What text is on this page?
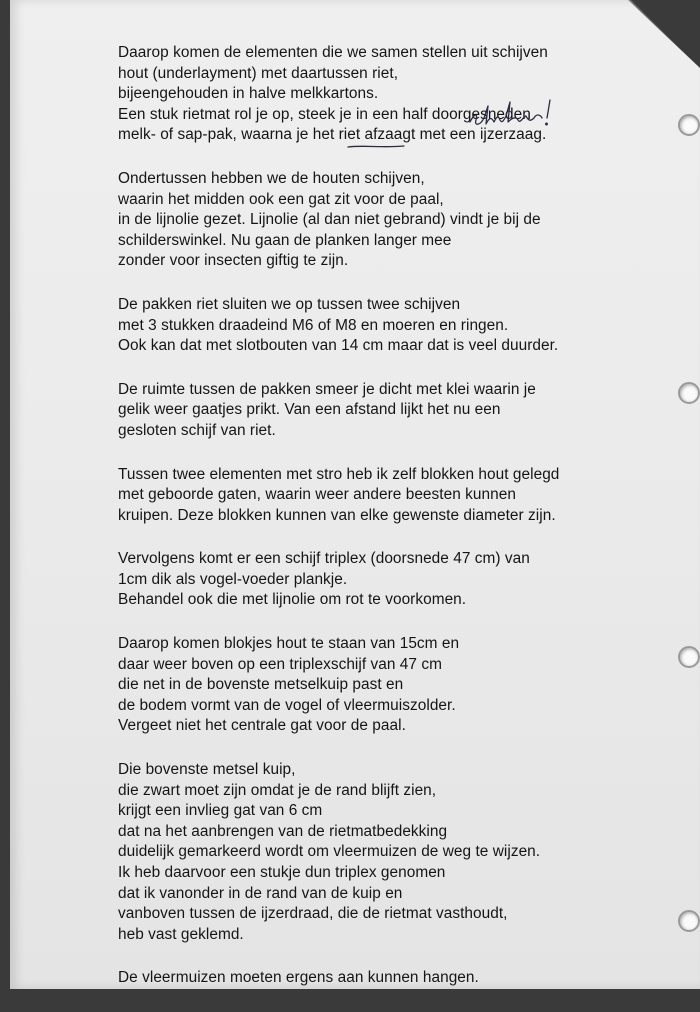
Daarop komen de elementen die we samen stellen uit schijven
hout (underlayment) met daartussen riet,
bijeengehouden in halve melkkartons.
Een stuk rietmat rol je op, steek je in een half doorgesneden
melk- of sap-pak, waarna je het riet afzaagt met een ijzerzaag.
Ondertussen hebben we de houten schijven,
waarin het midden ook een gat zit voor de paal,
in de lijnolie gezet. Lijnolie (al dan niet gebrand) vindt je bij de
schilderswinkel. Nu gaan de planken langer mee
zonder voor insecten giftig te zijn.
De pakken riet sluiten we op tussen twee schijven
met 3 stukken draadeind M6 of M8 en moeren en ringen.
Ook kan dat met slotbouten van 14 cm maar dat is veel duurder.
De ruimte tussen de pakken smeer je dicht met klei waarin je
gelik weer gaatjes prikt. Van een afstand lijkt het nu een
gesloten schijf van riet.
Tussen twee elementen met stro heb ik zelf blokken hout gelegd
met geboorde gaten, waarin weer andere beesten kunnen
kruipen. Deze blokken kunnen van elke gewenste diameter zijn.
Vervolgens komt er een schijf triplex (doorsnede 47 cm) van
1cm dik als vogel-voeder plankje.
Behandel ook die met lijnolie om rot te voorkomen.
Daarop komen blokjes hout te staan van 15cm en
daar weer boven op een triplexschijf van 47 cm
die net in de bovenste metselkuip past en
de bodem vormt van de vogel of vleermuiszolder.
Vergeet niet het centrale gat voor de paal.
Die bovenste metsel kuip,
die zwart moet zijn omdat je de rand blijft zien,
krijgt een invlieg gat van 6 cm
dat na het aanbrengen van de rietmatbedekking
duidelijk gemarkeerd wordt om vleermuizen de weg te wijzen.
Ik heb daarvoor een stukje dun triplex genomen
dat ik vanonder in de rand van de kuip en
vanboven tussen de ijzerdraad, die de rietmat vasthoudt,
heb vast geklemd.
De vleermuizen moeten ergens aan kunnen hangen.
